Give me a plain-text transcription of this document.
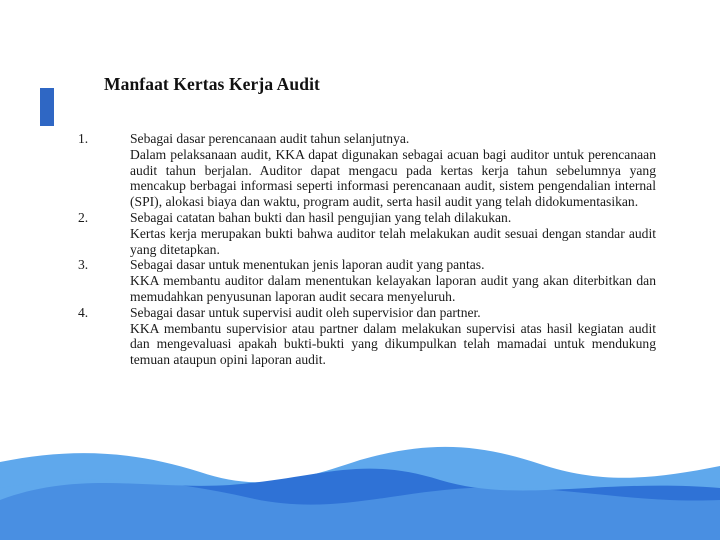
Manfaat Kertas Kerja Audit
1.	Sebagai dasar perencanaan audit tahun selanjutnya.
Dalam pelaksanaan audit, KKA dapat digunakan sebagai acuan bagi auditor untuk perencanaan audit tahun berjalan. Auditor dapat mengacu pada kertas kerja tahun sebelumnya yang mencakup berbagai informasi seperti informasi perencanaan audit, sistem pengendalian internal (SPI), alokasi biaya dan waktu, program audit, serta hasil audit yang telah didokumentasikan.
2.	Sebagai catatan bahan bukti dan hasil pengujian yang telah dilakukan.
Kertas kerja merupakan bukti bahwa auditor telah melakukan audit sesuai dengan standar audit yang ditetapkan.
3.	Sebagai dasar untuk menentukan jenis laporan audit yang pantas.
KKA membantu auditor dalam menentukan kelayakan laporan audit yang akan diterbitkan dan memudahkan penyusunan laporan audit secara menyeluruh.
4.	Sebagai dasar untuk supervisi audit oleh supervisior dan partner.
KKA membantu supervisior atau partner dalam melakukan supervisi atas hasil kegiatan audit dan mengevaluasi apakah bukti-bukti yang dikumpulkan telah mamadai untuk mendukung temuan ataupun opini laporan audit.
